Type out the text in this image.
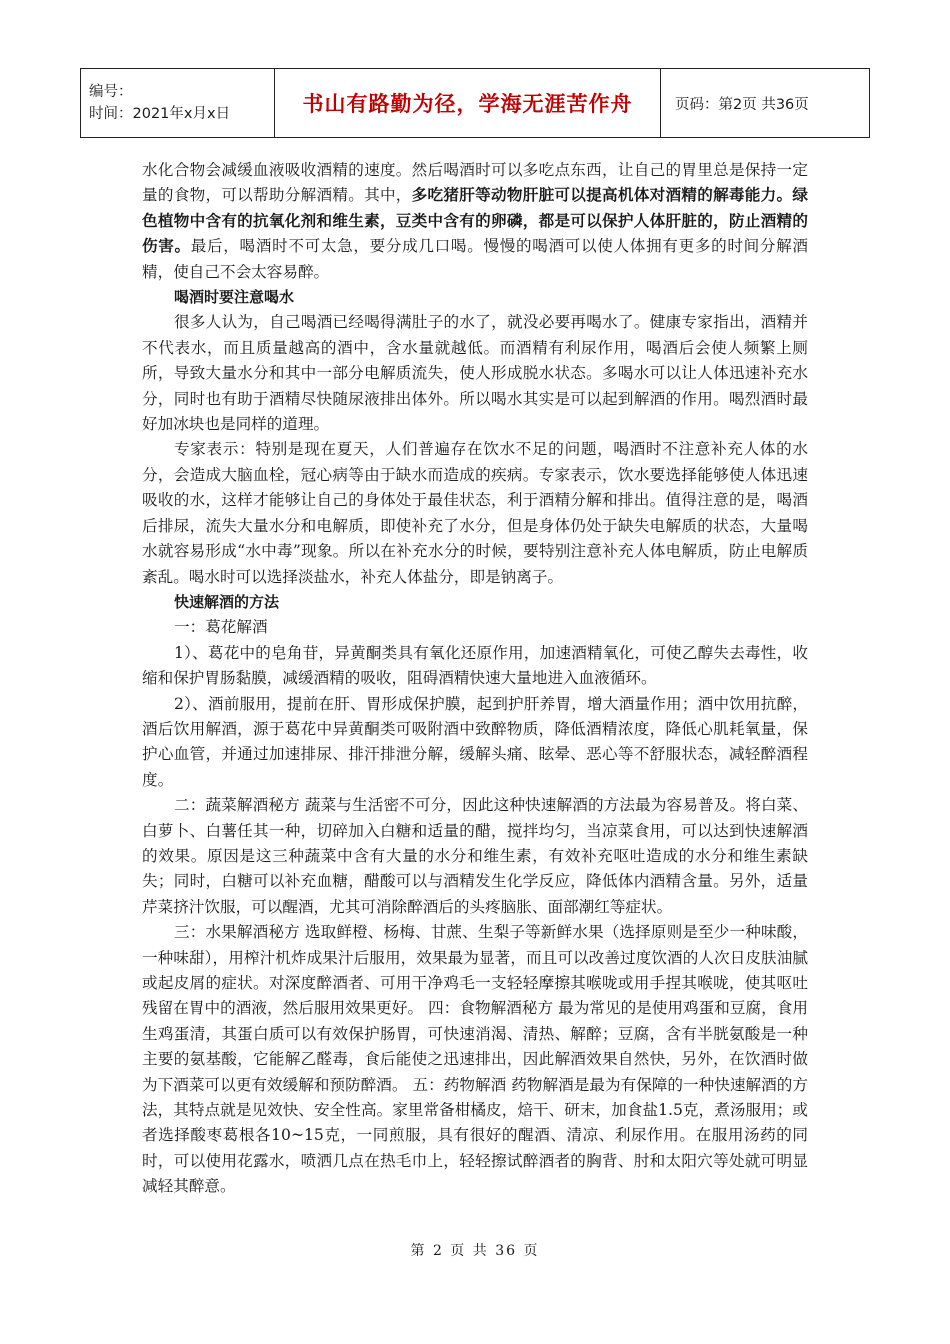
编号：
时间：2021年x月x日	书山有路勤为径，学海无涯苦作舟	页码：第2页 共36页

水化合物会减缓血液吸收酒精的速度。然后喝酒时可以多吃点东西，让自己的胃里总是保持一定量的食物，可以帮助分解酒精。其中，多吃猪肝等动物肝脏可以提高机体对酒精的解毒能力。绿色植物中含有的抗氧化剂和维生素，豆类中含有的卵磷，都是可以保护人体肝脏的，防止酒精的伤害。最后，喝酒时不可太急，要分成几口喝。慢慢的喝酒可以使人体拥有更多的时间分解酒精，使自己不会太容易醉。

喝酒时要注意喝水

很多人认为，自己喝酒已经喝得满肚子的水了，就没必要再喝水了。健康专家指出，酒精并不代表水，而且质量越高的酒中，含水量就越低。而酒精有利尿作用，喝酒后会使人频繁上厕所，导致大量水分和其中一部分电解质流失，使人形成脱水状态。多喝水可以让人体迅速补充水分，同时也有助于酒精尽快随尿液排出体外。所以喝水其实是可以起到解酒的作用。喝烈酒时最好加冰块也是同样的道理。

专家表示：特别是现在夏天，人们普遍存在饮水不足的问题，喝酒时不注意补充人体的水分，会造成大脑血栓，冠心病等由于缺水而造成的疾病。专家表示，饮水要选择能够使人体迅速吸收的水，这样才能够让自己的身体处于最佳状态，利于酒精分解和排出。值得注意的是，喝酒后排尿，流失大量水分和电解质，即使补充了水分，但是身体仍处于缺失电解质的状态，大量喝水就容易形成“水中毒”现象。所以在补充水分的时候，要特别注意补充人体电解质，防止电解质紊乱。喝水时可以选择淡盐水，补充人体盐分，即是钠离子。

快速解酒的方法

一：葛花解酒

1）、葛花中的皂角苷，异黄酮类具有氧化还原作用，加速酒精氧化，可使乙醇失去毒性，收缩和保护胃肠黏膜，减缓酒精的吸收，阻碍酒精快速大量地进入血液循环。

2）、酒前服用，提前在肝、胃形成保护膜，起到护肝养胃，增大酒量作用；酒中饮用抗醉，酒后饮用解酒，源于葛花中异黄酮类可吸附酒中致醉物质，降低酒精浓度，降低心肌耗氧量，保护心血管，并通过加速排尿、排汗排泄分解，缓解头痛、眩晕、恶心等不舒服状态，减轻醉酒程度。

二：蔬菜解酒秘方 蔬菜与生活密不可分，因此这种快速解酒的方法最为容易普及。将白菜、白萝卜、白薯任其一种，切碎加入白糖和适量的醋，搅拌均匀，当凉菜食用，可以达到快速解酒的效果。原因是这三种蔬菜中含有大量的水分和维生素，有效补充呕吐造成的水分和维生素缺失；同时，白糖可以补充血糖，醋酸可以与酒精发生化学反应，降低体内酒精含量。另外，适量芹菜挤汁饮服，可以醒酒，尤其可消除醉酒后的头疼脑胀、面部潮红等症状。

三：水果解酒秘方 选取鲜橙、杨梅、甘蔗、生梨子等新鲜水果（选择原则是至少一种味酸，一种味甜），用榨汁机炸成果汁后服用，效果最为显著，而且可以改善过度饮酒的人次日皮肤油腻或起皮屑的症状。对深度醉酒者、可用干净鸡毛一支轻轻摩擦其喉咙或用手捏其喉咙，使其呕吐残留在胃中的酒液，然后服用效果更好。 四：食物解酒秘方 最为常见的是使用鸡蛋和豆腐，食用生鸡蛋清，其蛋白质可以有效保护肠胃，可快速消渴、清热、解醉；豆腐，含有半胱氨酸是一种主要的氨基酸，它能解乙醛毒，食后能使之迅速排出，因此解酒效果自然快，另外，在饮酒时做为下酒菜可以更有效缓解和预防醉酒。 五：药物解酒 药物解酒是最为有保障的一种快速解酒的方法，其特点就是见效快、安全性高。家里常备柑橘皮，焙干、研末，加食盐1.5克，煮汤服用；或者选择酸枣葛根各10~15克，一同煎服，具有很好的醒酒、清凉、利尿作用。在服用汤药的同时，可以使用花露水，喷洒几点在热毛巾上，轻轻擦试醉酒者的胸背、肘和太阳穴等处就可明显减轻其醉意。

第 2 页 共 36 页
